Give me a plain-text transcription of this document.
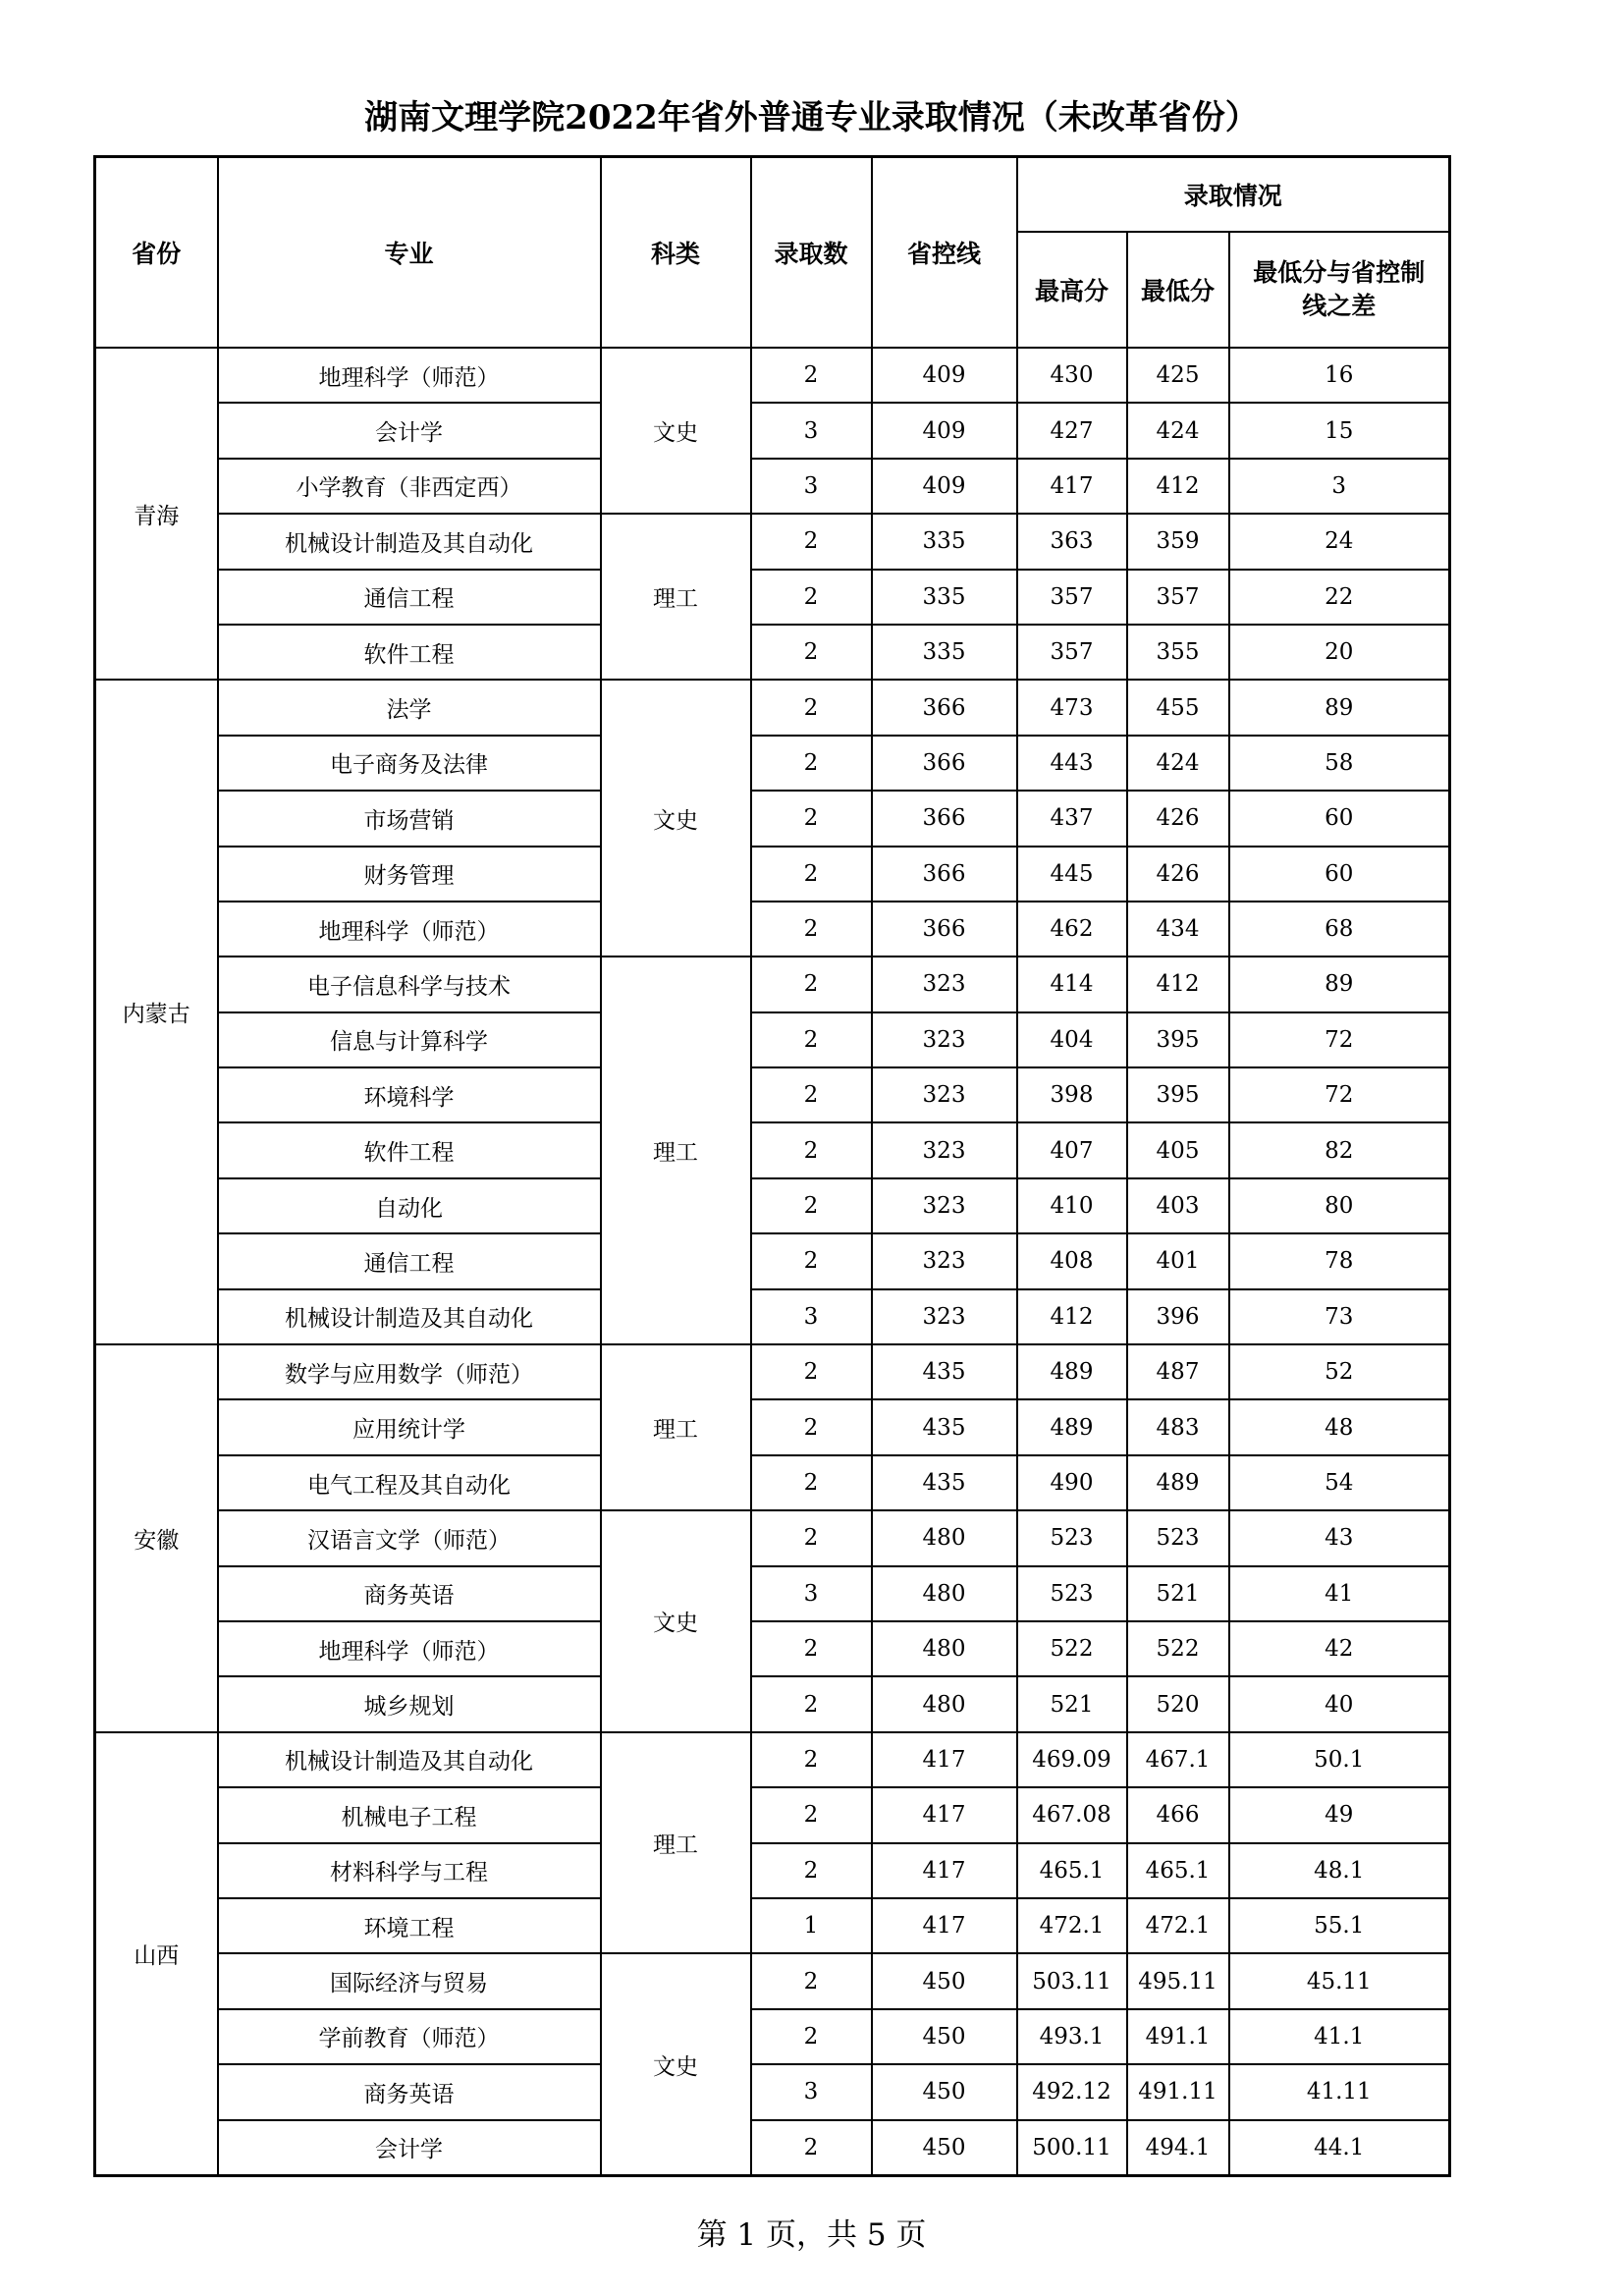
湖南文理学院2022年省外普通专业录取情况（未改革省份）
省份	专业	科类	录取数	省控线	录取情况		
					最高分	最低分	最低分与省控制线之差
青海	地理科学（师范）	文史	2	409	430	425	16
	会计学		3	409	427	424	15
	小学教育（非西定西）		3	409	417	412	3
	机械设计制造及其自动化	理工	2	335	363	359	24
	通信工程		2	335	357	357	22
	软件工程		2	335	357	355	20
内蒙古	法学	文史	2	366	473	455	89
	电子商务及法律		2	366	443	424	58
	市场营销		2	366	437	426	60
	财务管理		2	366	445	426	60
	地理科学（师范）		2	366	462	434	68
	电子信息科学与技术	理工	2	323	414	412	89
	信息与计算科学		2	323	404	395	72
	环境科学		2	323	398	395	72
	软件工程		2	323	407	405	82
	自动化		2	323	410	403	80
	通信工程		2	323	408	401	78
	机械设计制造及其自动化		3	323	412	396	73
安徽	数学与应用数学（师范）	理工	2	435	489	487	52
	应用统计学		2	435	489	483	48
	电气工程及其自动化		2	435	490	489	54
	汉语言文学（师范）	文史	2	480	523	523	43
	商务英语		3	480	523	521	41
	地理科学（师范）		2	480	522	522	42
	城乡规划		2	480	521	520	40
山西	机械设计制造及其自动化	理工	2	417	469.09	467.1	50.1
	机械电子工程		2	417	467.08	466	49
	材料科学与工程		2	417	465.1	465.1	48.1
	环境工程		1	417	472.1	472.1	55.1
	国际经济与贸易	文史	2	450	503.11	495.11	45.11
	学前教育（师范）		2	450	493.1	491.1	41.1
	商务英语		3	450	492.12	491.11	41.11
	会计学		2	450	500.11	494.1	44.1
第 1 页，共 5 页
